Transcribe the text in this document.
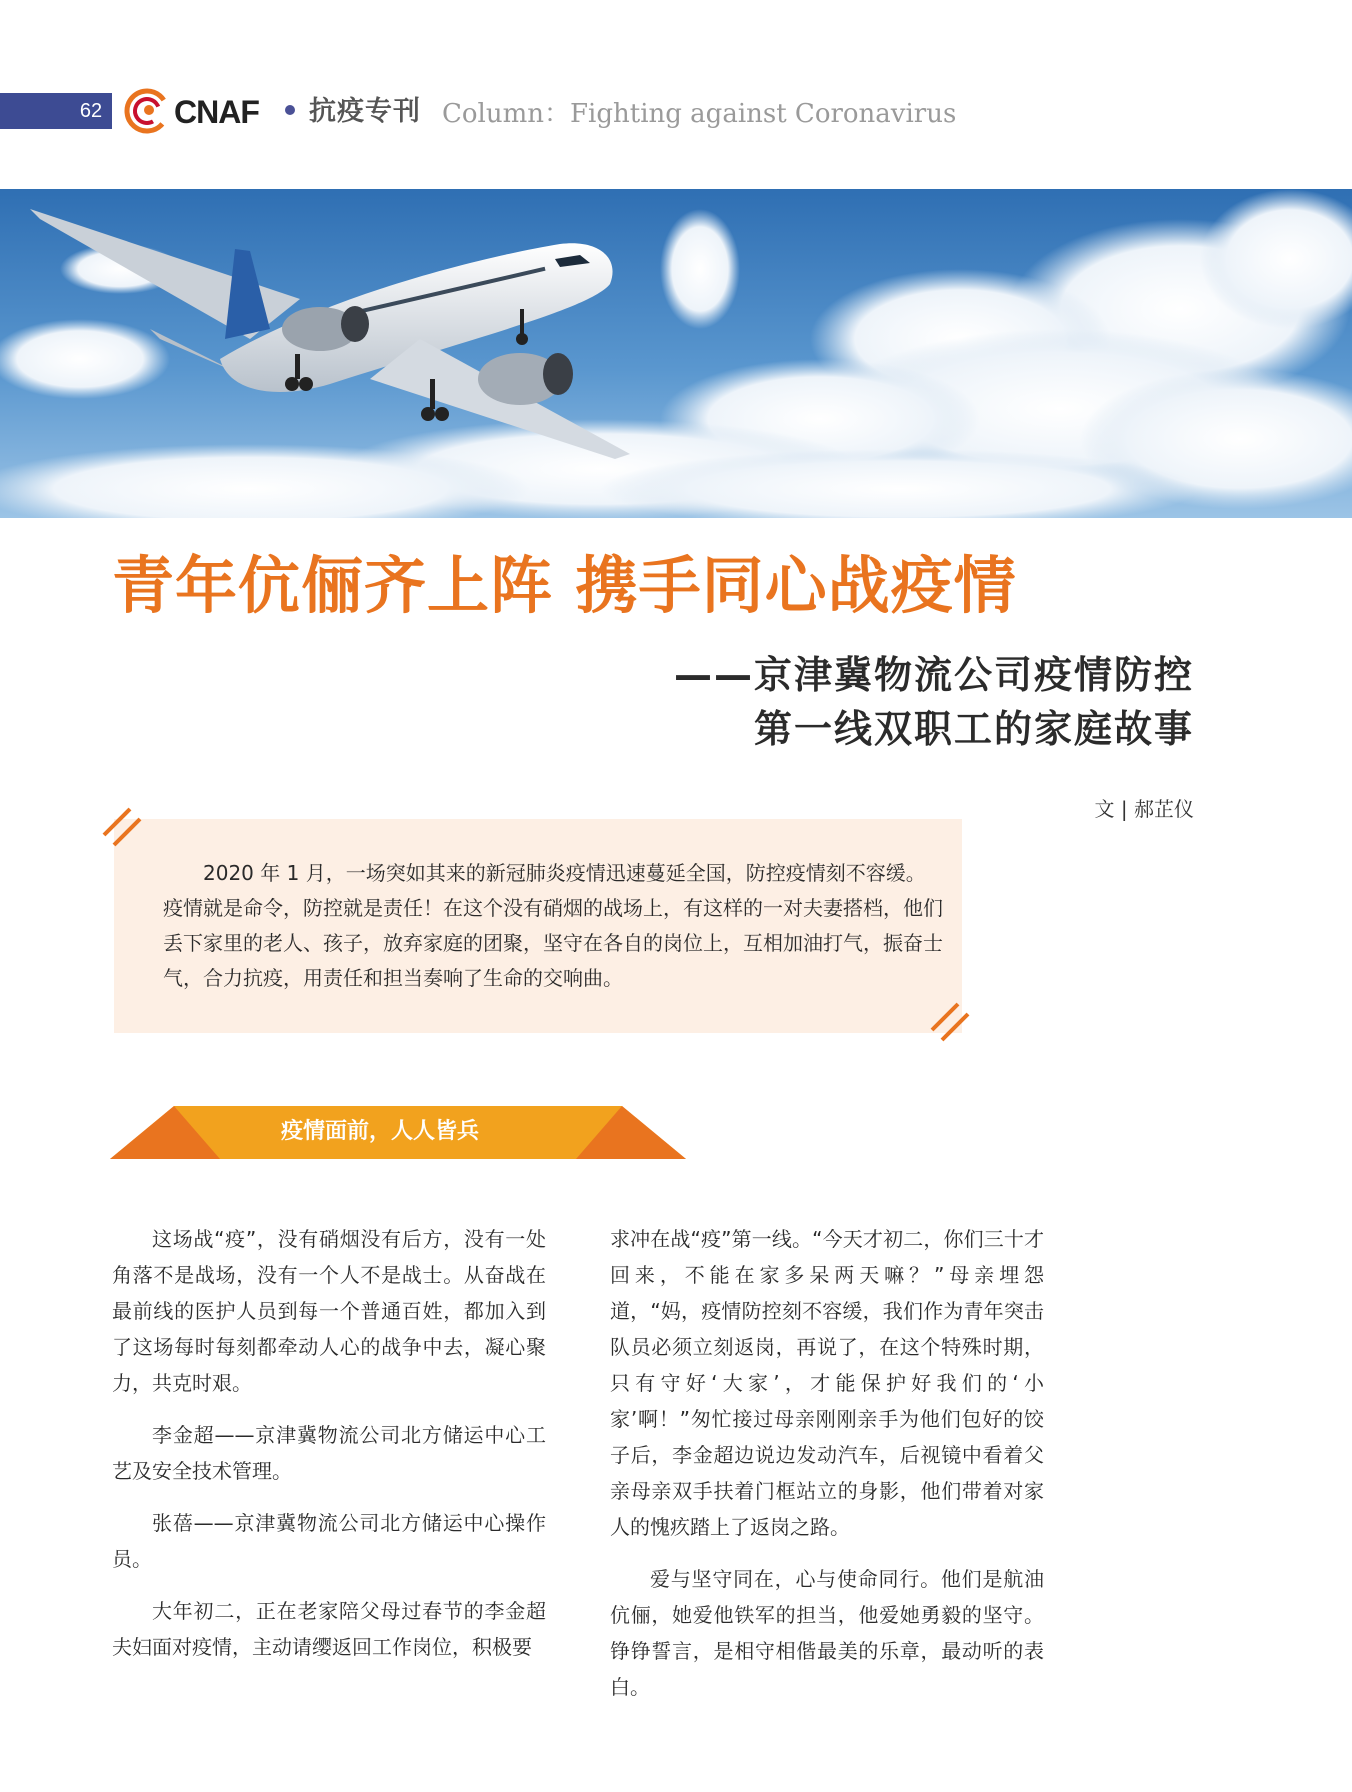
62	CNAF 抗疫专刊 Column：Fighting against Coronavirus
青年伉俪齐上阵 携手同心战疫情
——京津冀物流公司疫情防控
第一线双职工的家庭故事
文 | 郝芷仪

2020 年 1 月，一场突如其来的新冠肺炎疫情迅速蔓延全国，防控疫情刻不容缓。疫情就是命令，防控就是责任！在这个没有硝烟的战场上，有这样的一对夫妻搭档，他们丢下家里的老人、孩子，放弃家庭的团聚，坚守在各自的岗位上，互相加油打气，振奋士气，合力抗疫，用责任和担当奏响了生命的交响曲。

疫情面前，人人皆兵

这场战“疫”，没有硝烟没有后方，没有一处角落不是战场，没有一个人不是战士。从奋战在最前线的医护人员到每一个普通百姓，都加入到了这场每时每刻都牵动人心的战争中去，凝心聚力，共克时艰。

李金超——京津冀物流公司北方储运中心工艺及安全技术管理。

张蓓——京津冀物流公司北方储运中心操作员。

大年初二，正在老家陪父母过春节的李金超夫妇面对疫情，主动请缨返回工作岗位，积极要

求冲在战“疫”第一线。“今天才初二，你们三十才回来，不能在家多呆两天嘛？”母亲埋怨道，“妈，疫情防控刻不容缓，我们作为青年突击队员必须立刻返岗，再说了，在这个特殊时期，只有守好‘大家’，才能保护好我们的‘小家’啊！”匆忙接过母亲刚刚亲手为他们包好的饺子后，李金超边说边发动汽车，后视镜中看着父亲母亲双手扶着门框站立的身影，他们带着对家人的愧疚踏上了返岗之路。

爱与坚守同在，心与使命同行。他们是航油伉俪，她爱他铁军的担当，他爱她勇毅的坚守。铮铮誓言，是相守相偕最美的乐章，最动听的表白。
